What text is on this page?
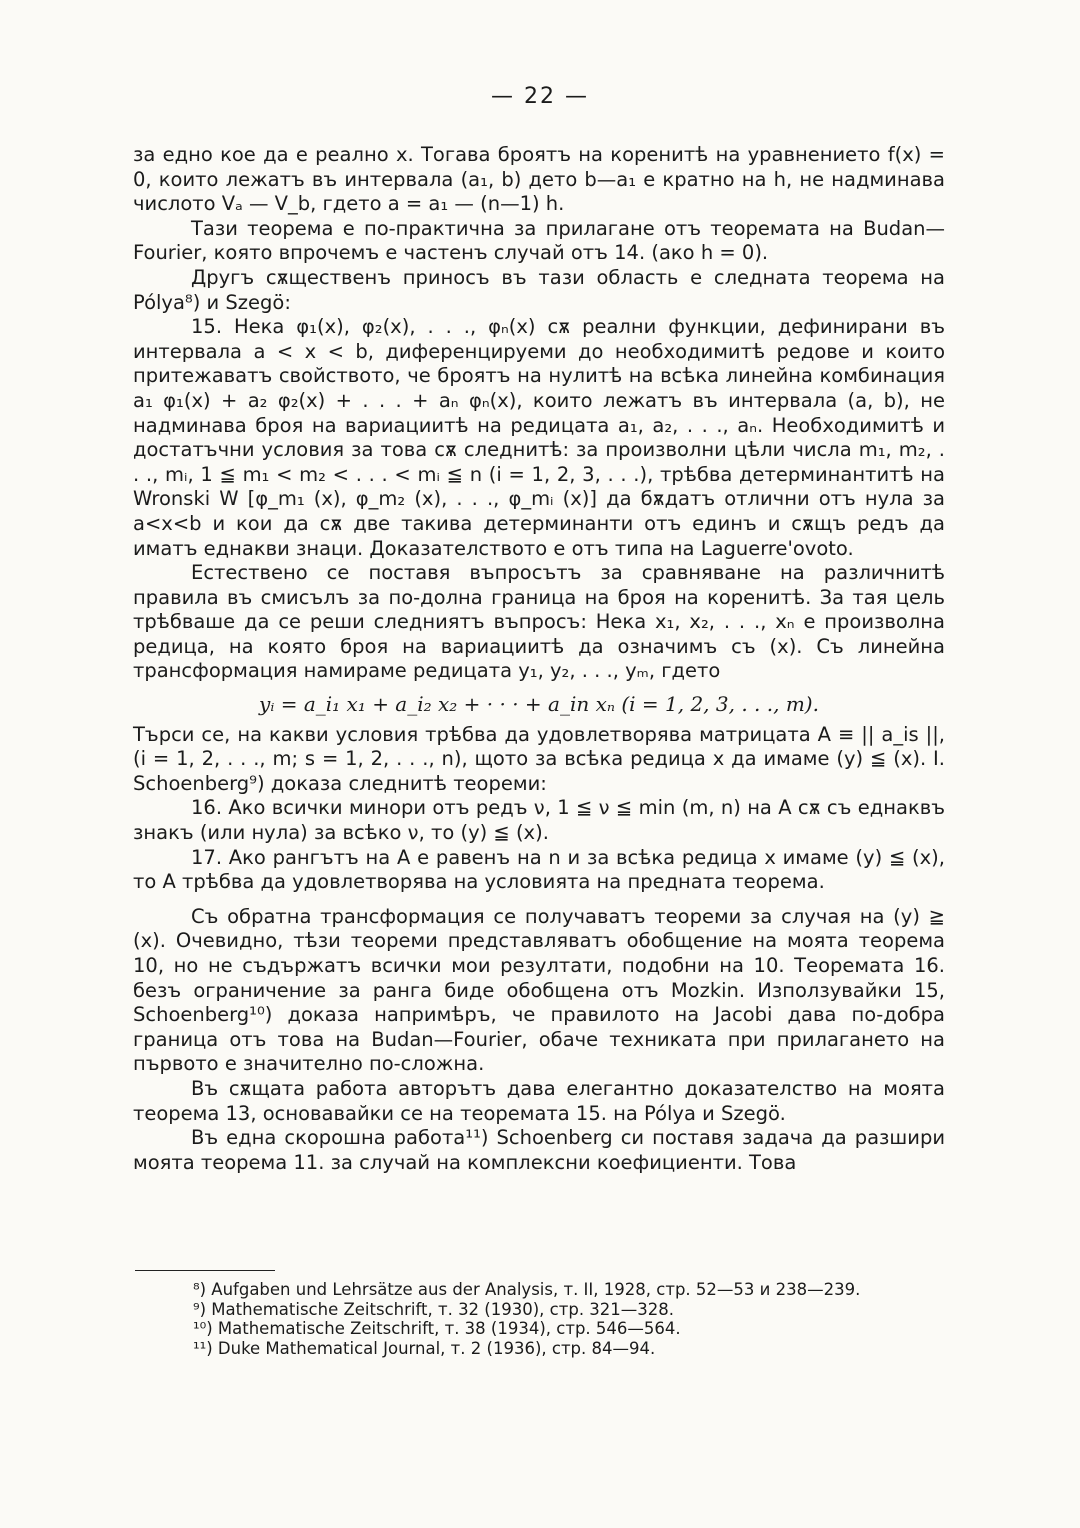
— 22 —

за едно кое да е реално x. Тогава броятъ на коренитѣ на уравнението f(x) = 0, които лежатъ въ интервала (a₁, b) дето b—a₁ е кратно на h, не надминава числото Vₐ — V_b, гдето a = a₁ — (n—1) h.

Тази теорема е по-практична за прилагане отъ теоремата на Budan—Fourier, която впрочемъ е частенъ случай отъ 14. (ако h = 0).

Другъ сѫщественъ приносъ въ тази область е следната теорема на Pólya⁸) и Szegö:

15. Нека φ₁(x), φ₂(x), . . ., φₙ(x) сѫ реални функции, дефинирани въ интервала a < x < b, диференцируеми до необходимитѣ редове и които притежаватъ свойството, че броятъ на нулитѣ на всѣка линейна комбинация a₁ φ₁(x) + a₂ φ₂(x) + . . . + aₙ φₙ(x), които лежатъ въ интервала (a, b), не надминава броя на вариациитѣ на редицата a₁, a₂, . . ., aₙ. Необходимитѣ и достатъчни условия за това сѫ следнитѣ: за произволни цѣли числа m₁, m₂, . . ., mᵢ, 1 ≦ m₁ < m₂ < . . . < mᵢ ≦ n (i = 1, 2, 3, . . .), трѣбва детерминантитѣ на Wronski W [φ_m₁ (x), φ_m₂ (x), . . ., φ_mᵢ (x)] да бѫдатъ отлични отъ нула за a<x<b и кои да сѫ две такива детерминанти отъ единъ и сѫщъ редъ да иматъ еднакви знаци. Доказателството е отъ типа на Laguerre'ovoto.

Естествено се поставя въпросътъ за сравняване на различнитѣ правила въ смисълъ за по-долна граница на броя на коренитѣ. За тая цель трѣбваше да се реши следниятъ въпросъ: Нека x₁, x₂, . . ., xₙ е произволна редица, на която броя на вариациитѣ да означимъ съ (x). Съ линейна трансформация намираме редицата y₁, y₂, . . ., yₘ, гдето

yᵢ = a_i₁ x₁ + a_i₂ x₂ + · · · + a_in xₙ (i = 1, 2, 3, . . ., m).

Търси се, на какви условия трѣбва да удовлетворява матрицата A ≡ || a_is ||, (i = 1, 2, . . ., m; s = 1, 2, . . ., n), щото за всѣка редица x да имаме (y) ≦ (x). I. Schoenberg⁹) доказа следнитѣ теореми:

16. Ако всички минори отъ редъ ν, 1 ≦ ν ≦ min (m, n) на A сѫ съ еднаквъ знакъ (или нула) за всѣко ν, то (y) ≦ (x).

17. Ако рангътъ на A е равенъ на n и за всѣка редица x имаме (y) ≦ (x), то A трѣбва да удовлетворява на условията на предната теорема.

Съ обратна трансформация се получаватъ теореми за случая на (y) ≧ (x). Очевидно, тѣзи теореми представляватъ обобщение на моята теорема 10, но не съдържатъ всички мои резултати, подобни на 10. Теоремата 16. безъ ограничение за ранга биде обобщена отъ Mozkin. Използувайки 15, Schoenberg¹⁰) доказа напримѣръ, че правилото на Jacobi дава по-добра граница отъ това на Budan—Fourier, обаче техниката при прилагането на първото е значително по-сложна.

Въ сѫщата работа авторътъ дава елегантно доказателство на моята теорема 13, основавайки се на теоремата 15. на Pólya и Szegö.

Въ една скорошна работа¹¹) Schoenberg си поставя задача да разшири моята теорема 11. за случай на комплексни коефициенти. Това

⁸) Aufgaben und Lehrsätze aus der Analysis, т. II, 1928, стр. 52—53 и 238—239.
⁹) Mathematische Zeitschrift, т. 32 (1930), стр. 321—328.
¹⁰) Mathematische Zeitschrift, т. 38 (1934), стр. 546—564.
¹¹) Duke Mathematical Journal, т. 2 (1936), стр. 84—94.
